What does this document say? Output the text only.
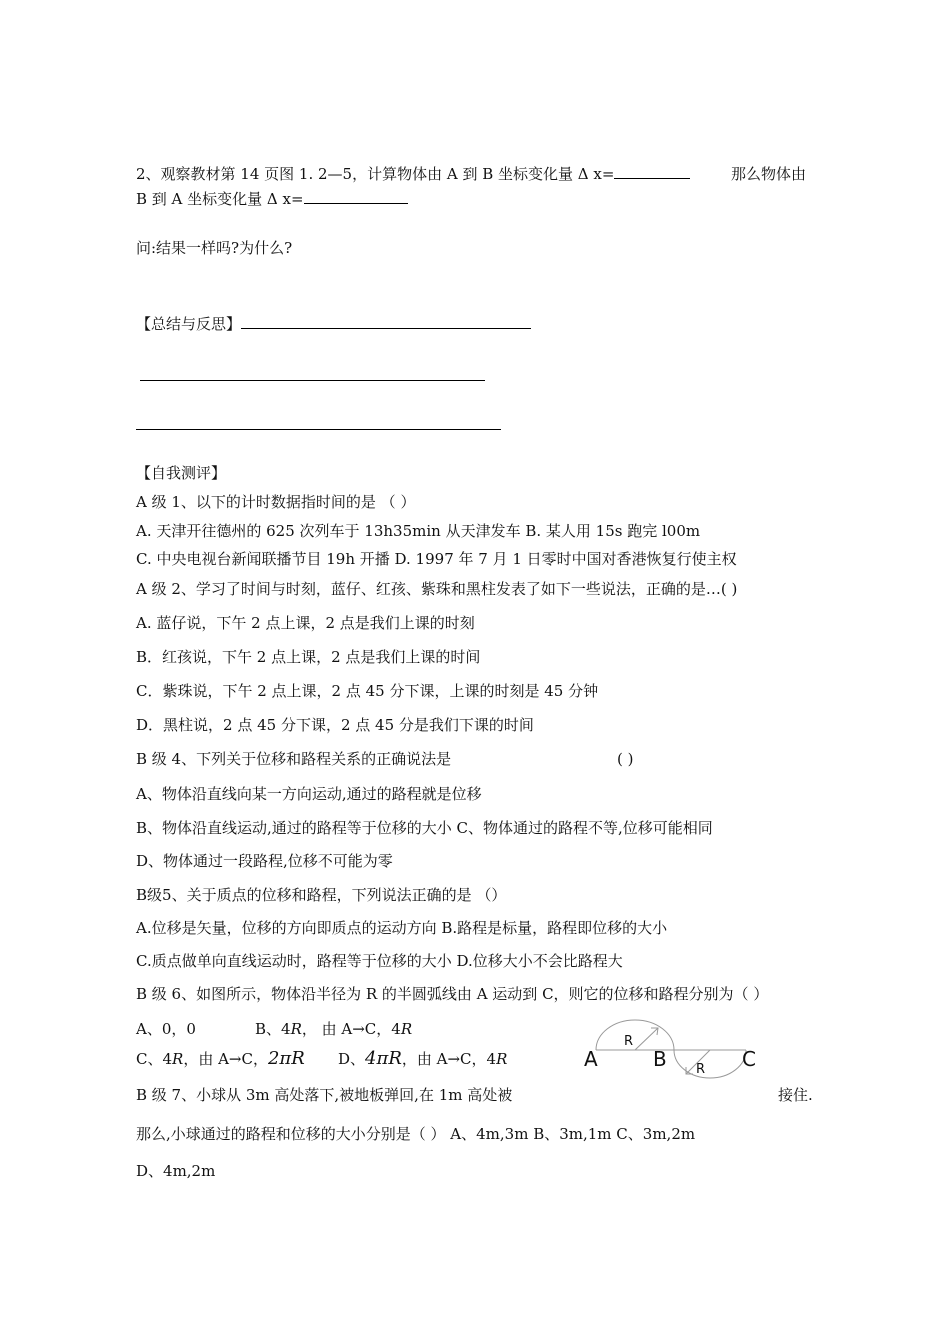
2、观察教材第 14 页图 1. 2—5，计算物体由 A 到 B 坐标变化量 Δ x=	那么物体由
B 到 A 坐标变化量 Δ x=
问:结果一样吗?为什么?
【总结与反思】
【自我测评】
A 级 1、以下的计时数据指时间的是 （ ）
A. 天津开往德州的 625 次列车于 13h35min 从天津发车 B. 某人用 15s 跑完 l00m
C. 中央电视台新闻联播节目 19h 开播 D. 1997 年 7 月 1 日零时中国对香港恢复行使主权
A 级 2、学习了时间与时刻，蓝仔、红孩、紫珠和黑柱发表了如下一些说法，正确的是…( )
A. 蓝仔说，下午 2 点上课，2 点是我们上课的时刻
B．红孩说，下午 2 点上课，2 点是我们上课的时间
C．紫珠说，下午 2 点上课，2 点 45 分下课，上课的时刻是 45 分钟
D．黑柱说，2 点 45 分下课，2 点 45 分是我们下课的时间
B 级 4、下列关于位移和路程关系的正确说法是	( )
A、物体沿直线向某一方向运动,通过的路程就是位移
B、物体沿直线运动,通过的路程等于位移的大小 C、物体通过的路程不等,位移可能相同
D、物体通过一段路程,位移不可能为零
B级5、关于质点的位移和路程，下列说法正确的是 （）
A.位移是矢量，位移的方向即质点的运动方向 B.路程是标量，路程即位移的大小
C.质点做单向直线运动时，路程等于位移的大小 D.位移大小不会比路程大
B 级 6、如图所示，物体沿半径为 R 的半圆弧线由 A 运动到 C，则它的位移和路程分别为（ ）
A、0，0	B、4R， 由 A→C，4R
C、4R，由 A→C，2πR D、4πR，由 A→C，4R
R
R
A	B	C
B 级 7、小球从 3m 高处落下,被地板弹回,在 1m 高处被	接住.
那么,小球通过的路程和位移的大小分别是（ ） A、4m,3m B、3m,1m C、3m,2m
D、4m,2m
